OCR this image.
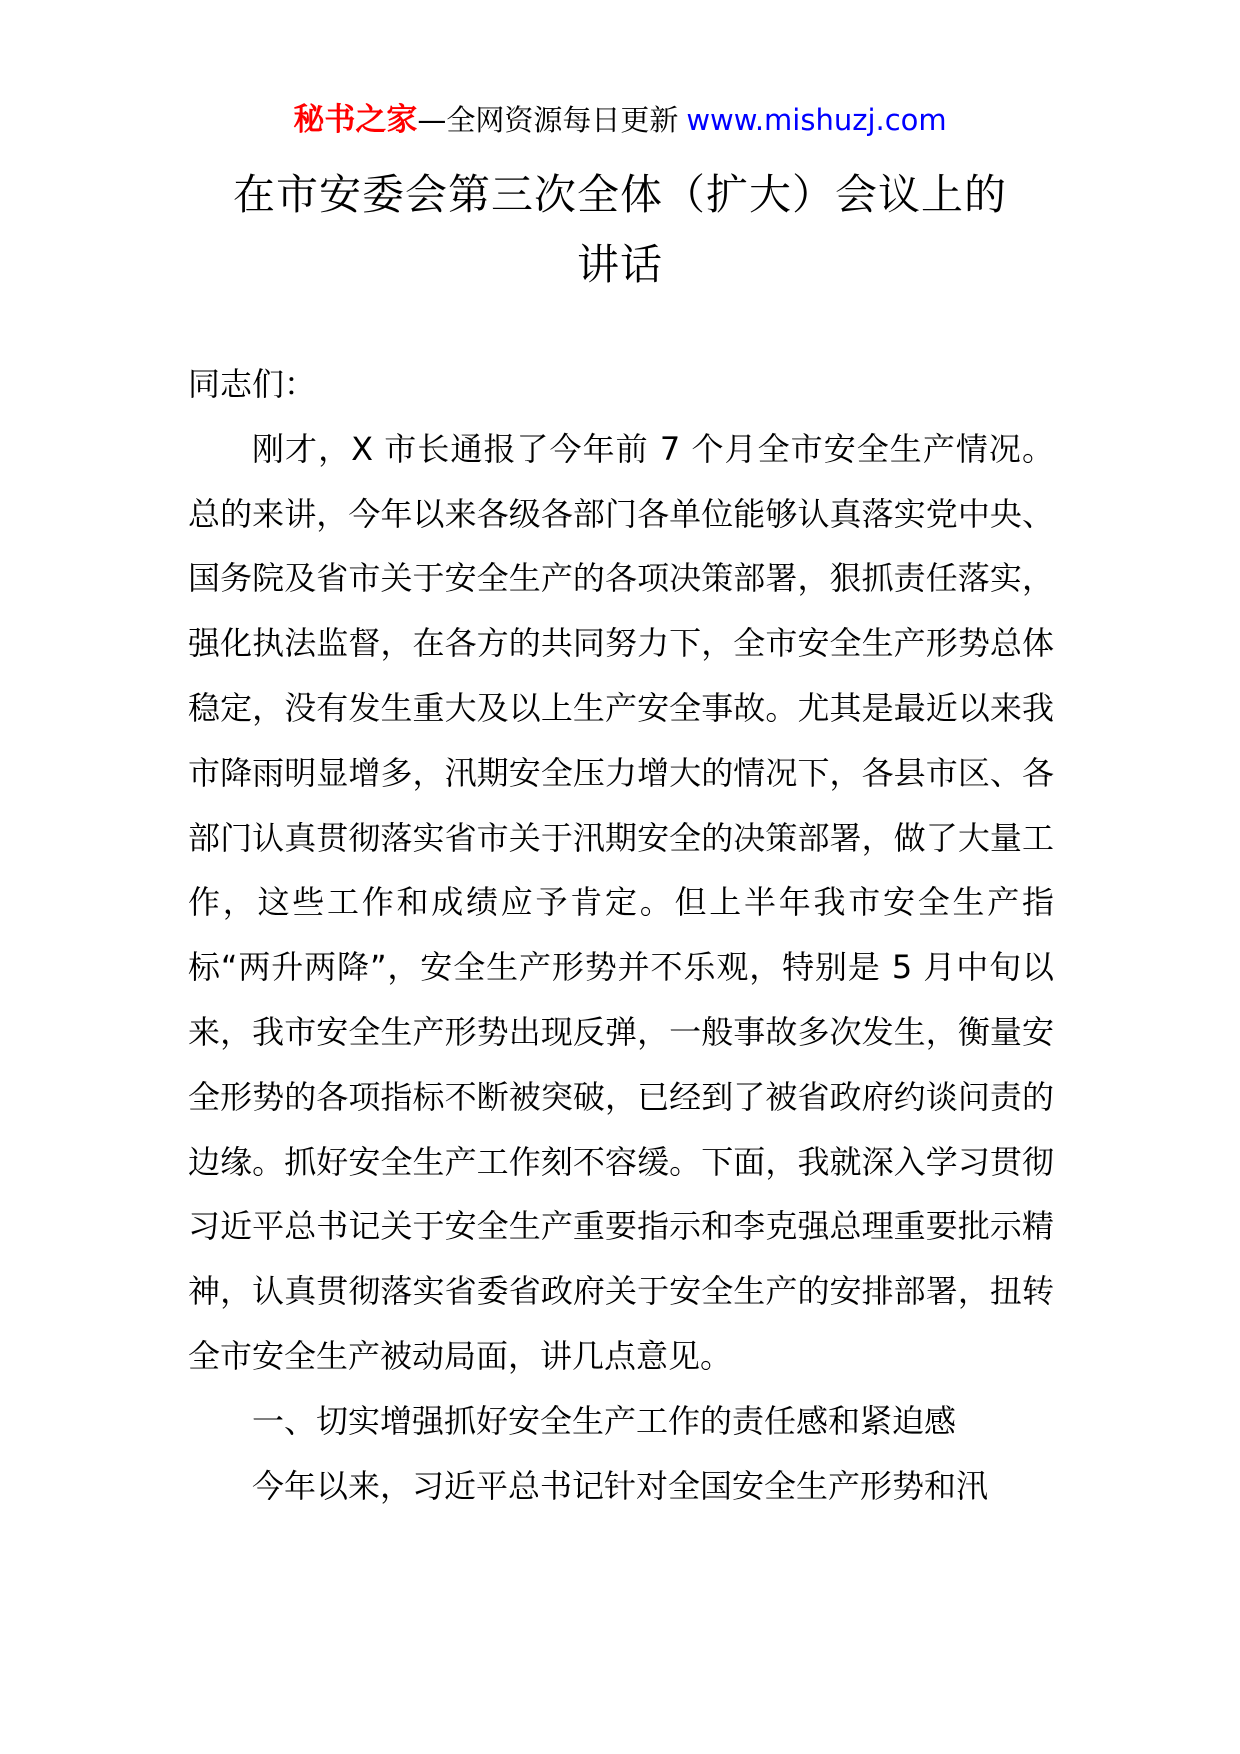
秘书之家—全网资源每日更新 www.mishuzj.com
在市安委会第三次全体（扩大）会议上的
讲话

同志们：

刚才，X 市长通报了今年前 7 个月全市安全生产情况。总的来讲，今年以来各级各部门各单位能够认真落实党中央、国务院及省市关于安全生产的各项决策部署，狠抓责任落实，强化执法监督，在各方的共同努力下，全市安全生产形势总体稳定，没有发生重大及以上生产安全事故。尤其是最近以来我市降雨明显增多，汛期安全压力增大的情况下，各县市区、各部门认真贯彻落实省市关于汛期安全的决策部署，做了大量工作，这些工作和成绩应予肯定。但上半年我市安全生产指标“两升两降”，安全生产形势并不乐观，特别是 5 月中旬以来，我市安全生产形势出现反弹，一般事故多次发生，衡量安全形势的各项指标不断被突破，已经到了被省政府约谈问责的边缘。抓好安全生产工作刻不容缓。下面，我就深入学习贯彻习近平总书记关于安全生产重要指示和李克强总理重要批示精神，认真贯彻落实省委省政府关于安全生产的安排部署，扭转全市安全生产被动局面，讲几点意见。

一、切实增强抓好安全生产工作的责任感和紧迫感

今年以来，习近平总书记针对全国安全生产形势和汛
